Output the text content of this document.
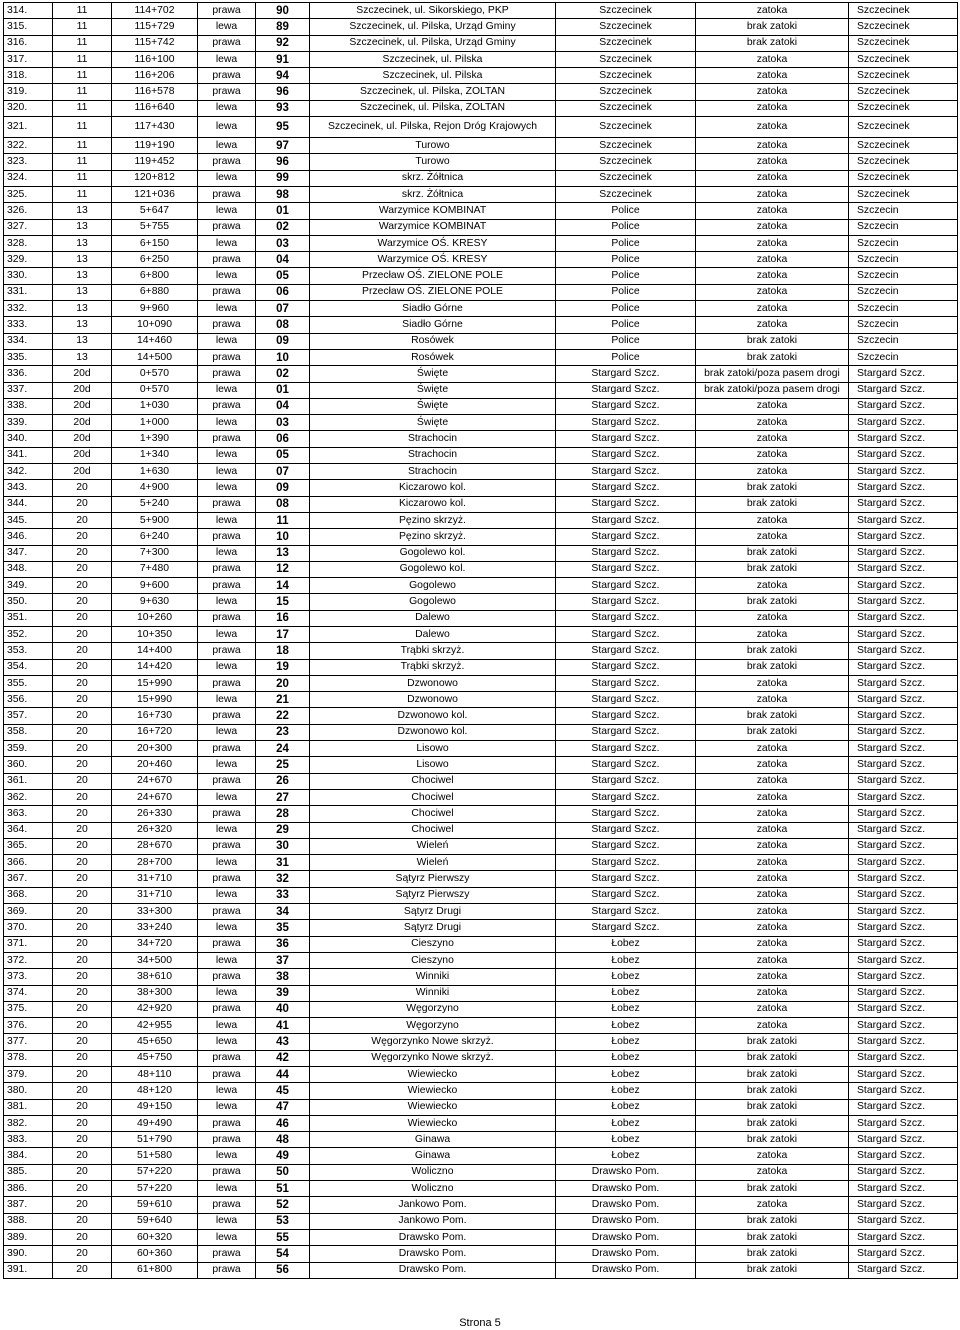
314.	11	114+702	prawa	90	Szczecinek, ul. Sikorskiego, PKP	Szczecinek	zatoka	Szczecinek
315.	11	115+729	lewa	89	Szczecinek, ul. Pilska, Urząd Gminy	Szczecinek	brak zatoki	Szczecinek
316.	11	115+742	prawa	92	Szczecinek, ul. Pilska, Urząd Gminy	Szczecinek	brak zatoki	Szczecinek
317.	11	116+100	lewa	91	Szczecinek, ul. Pilska	Szczecinek	zatoka	Szczecinek
318.	11	116+206	prawa	94	Szczecinek, ul. Pilska	Szczecinek	zatoka	Szczecinek
319.	11	116+578	prawa	96	Szczecinek, ul. Pilska, ZOLTAN	Szczecinek	zatoka	Szczecinek
320.	11	116+640	lewa	93	Szczecinek, ul. Pilska, ZOLTAN	Szczecinek	zatoka	Szczecinek
321.	11	117+430	lewa	95	Szczecinek, ul. Pilska, Rejon Dróg Krajowych	Szczecinek	zatoka	Szczecinek
322.	11	119+190	lewa	97	Turowo	Szczecinek	zatoka	Szczecinek
323.	11	119+452	prawa	96	Turowo	Szczecinek	zatoka	Szczecinek
324.	11	120+812	lewa	99	skrz. Żółtnica	Szczecinek	zatoka	Szczecinek
325.	11	121+036	prawa	98	skrz. Żółtnica	Szczecinek	zatoka	Szczecinek
326.	13	5+647	lewa	01	Warzymice KOMBINAT	Police	zatoka	Szczecin
327.	13	5+755	prawa	02	Warzymice KOMBINAT	Police	zatoka	Szczecin
328.	13	6+150	lewa	03	Warzymice OŚ. KRESY	Police	zatoka	Szczecin
329.	13	6+250	prawa	04	Warzymice OŚ. KRESY	Police	zatoka	Szczecin
330.	13	6+800	lewa	05	Przecław OŚ. ZIELONE POLE	Police	zatoka	Szczecin
331.	13	6+880	prawa	06	Przecław OŚ. ZIELONE POLE	Police	zatoka	Szczecin
332.	13	9+960	lewa	07	Siadło Górne	Police	zatoka	Szczecin
333.	13	10+090	prawa	08	Siadło Górne	Police	zatoka	Szczecin
334.	13	14+460	lewa	09	Rosówek	Police	brak zatoki	Szczecin
335.	13	14+500	prawa	10	Rosówek	Police	brak zatoki	Szczecin
336.	20d	0+570	prawa	02	Święte	Stargard Szcz.	brak zatoki/poza pasem drogi	Stargard Szcz.
337.	20d	0+570	lewa	01	Święte	Stargard Szcz.	brak zatoki/poza pasem drogi	Stargard Szcz.
338.	20d	1+030	prawa	04	Święte	Stargard Szcz.	zatoka	Stargard Szcz.
339.	20d	1+000	lewa	03	Święte	Stargard Szcz.	zatoka	Stargard Szcz.
340.	20d	1+390	prawa	06	Strachocin	Stargard Szcz.	zatoka	Stargard Szcz.
341.	20d	1+340	lewa	05	Strachocin	Stargard Szcz.	zatoka	Stargard Szcz.
342.	20d	1+630	lewa	07	Strachocin	Stargard Szcz.	zatoka	Stargard Szcz.
343.	20	4+900	lewa	09	Kiczarowo kol.	Stargard Szcz.	brak zatoki	Stargard Szcz.
344.	20	5+240	prawa	08	Kiczarowo kol.	Stargard Szcz.	brak zatoki	Stargard Szcz.
345.	20	5+900	lewa	11	Pęzino skrzyż.	Stargard Szcz.	zatoka	Stargard Szcz.
346.	20	6+240	prawa	10	Pęzino skrzyż.	Stargard Szcz.	zatoka	Stargard Szcz.
347.	20	7+300	lewa	13	Gogolewo kol.	Stargard Szcz.	brak zatoki	Stargard Szcz.
348.	20	7+480	prawa	12	Gogolewo kol.	Stargard Szcz.	brak zatoki	Stargard Szcz.
349.	20	9+600	prawa	14	Gogolewo	Stargard Szcz.	zatoka	Stargard Szcz.
350.	20	9+630	lewa	15	Gogolewo	Stargard Szcz.	brak zatoki	Stargard Szcz.
351.	20	10+260	prawa	16	Dalewo	Stargard Szcz.	zatoka	Stargard Szcz.
352.	20	10+350	lewa	17	Dalewo	Stargard Szcz.	zatoka	Stargard Szcz.
353.	20	14+400	prawa	18	Trąbki skrzyż.	Stargard Szcz.	brak zatoki	Stargard Szcz.
354.	20	14+420	lewa	19	Trąbki skrzyż.	Stargard Szcz.	brak zatoki	Stargard Szcz.
355.	20	15+990	prawa	20	Dzwonowo	Stargard Szcz.	zatoka	Stargard Szcz.
356.	20	15+990	lewa	21	Dzwonowo	Stargard Szcz.	zatoka	Stargard Szcz.
357.	20	16+730	prawa	22	Dzwonowo kol.	Stargard Szcz.	brak zatoki	Stargard Szcz.
358.	20	16+720	lewa	23	Dzwonowo kol.	Stargard Szcz.	brak zatoki	Stargard Szcz.
359.	20	20+300	prawa	24	Lisowo	Stargard Szcz.	zatoka	Stargard Szcz.
360.	20	20+460	lewa	25	Lisowo	Stargard Szcz.	zatoka	Stargard Szcz.
361.	20	24+670	prawa	26	Chociwel	Stargard Szcz.	zatoka	Stargard Szcz.
362.	20	24+670	lewa	27	Chociwel	Stargard Szcz.	zatoka	Stargard Szcz.
363.	20	26+330	prawa	28	Chociwel	Stargard Szcz.	zatoka	Stargard Szcz.
364.	20	26+320	lewa	29	Chociwel	Stargard Szcz.	zatoka	Stargard Szcz.
365.	20	28+670	prawa	30	Wieleń	Stargard Szcz.	zatoka	Stargard Szcz.
366.	20	28+700	lewa	31	Wieleń	Stargard Szcz.	zatoka	Stargard Szcz.
367.	20	31+710	prawa	32	Sątyrz Pierwszy	Stargard Szcz.	zatoka	Stargard Szcz.
368.	20	31+710	lewa	33	Sątyrz Pierwszy	Stargard Szcz.	zatoka	Stargard Szcz.
369.	20	33+300	prawa	34	Sątyrz Drugi	Stargard Szcz.	zatoka	Stargard Szcz.
370.	20	33+240	lewa	35	Sątyrz Drugi	Stargard Szcz.	zatoka	Stargard Szcz.
371.	20	34+720	prawa	36	Cieszyno	Łobez	zatoka	Stargard Szcz.
372.	20	34+500	lewa	37	Cieszyno	Łobez	zatoka	Stargard Szcz.
373.	20	38+610	prawa	38	Winniki	Łobez	zatoka	Stargard Szcz.
374.	20	38+300	lewa	39	Winniki	Łobez	zatoka	Stargard Szcz.
375.	20	42+920	prawa	40	Węgorzyno	Łobez	zatoka	Stargard Szcz.
376.	20	42+955	lewa	41	Węgorzyno	Łobez	zatoka	Stargard Szcz.
377.	20	45+650	lewa	43	Węgorzynko Nowe skrzyż.	Łobez	brak zatoki	Stargard Szcz.
378.	20	45+750	prawa	42	Węgorzynko Nowe skrzyż.	Łobez	brak zatoki	Stargard Szcz.
379.	20	48+110	prawa	44	Wiewiecko	Łobez	brak zatoki	Stargard Szcz.
380.	20	48+120	lewa	45	Wiewiecko	Łobez	brak zatoki	Stargard Szcz.
381.	20	49+150	lewa	47	Wiewiecko	Łobez	brak zatoki	Stargard Szcz.
382.	20	49+490	prawa	46	Wiewiecko	Łobez	brak zatoki	Stargard Szcz.
383.	20	51+790	prawa	48	Ginawa	Łobez	brak zatoki	Stargard Szcz.
384.	20	51+580	lewa	49	Ginawa	Łobez	zatoka	Stargard Szcz.
385.	20	57+220	prawa	50	Woliczno	Drawsko Pom.	zatoka	Stargard Szcz.
386.	20	57+220	lewa	51	Woliczno	Drawsko Pom.	brak zatoki	Stargard Szcz.
387.	20	59+610	prawa	52	Jankowo Pom.	Drawsko Pom.	zatoka	Stargard Szcz.
388.	20	59+640	lewa	53	Jankowo Pom.	Drawsko Pom.	brak zatoki	Stargard Szcz.
389.	20	60+320	lewa	55	Drawsko Pom.	Drawsko Pom.	brak zatoki	Stargard Szcz.
390.	20	60+360	prawa	54	Drawsko Pom.	Drawsko Pom.	brak zatoki	Stargard Szcz.
391.	20	61+800	prawa	56	Drawsko Pom.	Drawsko Pom.	brak zatoki	Stargard Szcz.
Strona 5
